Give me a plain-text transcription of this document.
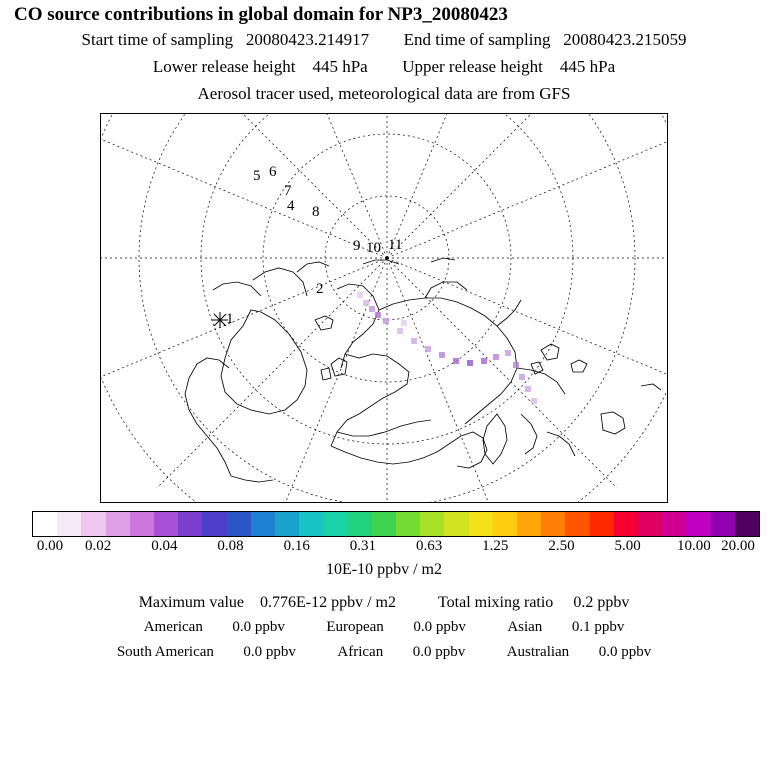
CO source contributions in global domain for NP3_20080423
Start time of sampling 20080423.214917 End time of sampling 20080423.215059
Lower release height 445 hPa Upper release height 445 hPa
Aerosol tracer used, meteorological data are from GFS
5 6
7
4 8
9 10 11
2
1
0.00 0.02	0.04	0.08	0.16	0.31	0.63	1.25	2.50	5.00 10.00 20.00
10E-10 ppbv / m2
Maximum value 0.776E-12 ppbv / m2	Total mixing ratio 0.2 ppbv
American 0.0 ppbv	European 0.0 ppbv	Asian 0.1 ppbv
South American 0.0 ppbv	African 0.0 ppbv	Australian 0.0 ppbv
